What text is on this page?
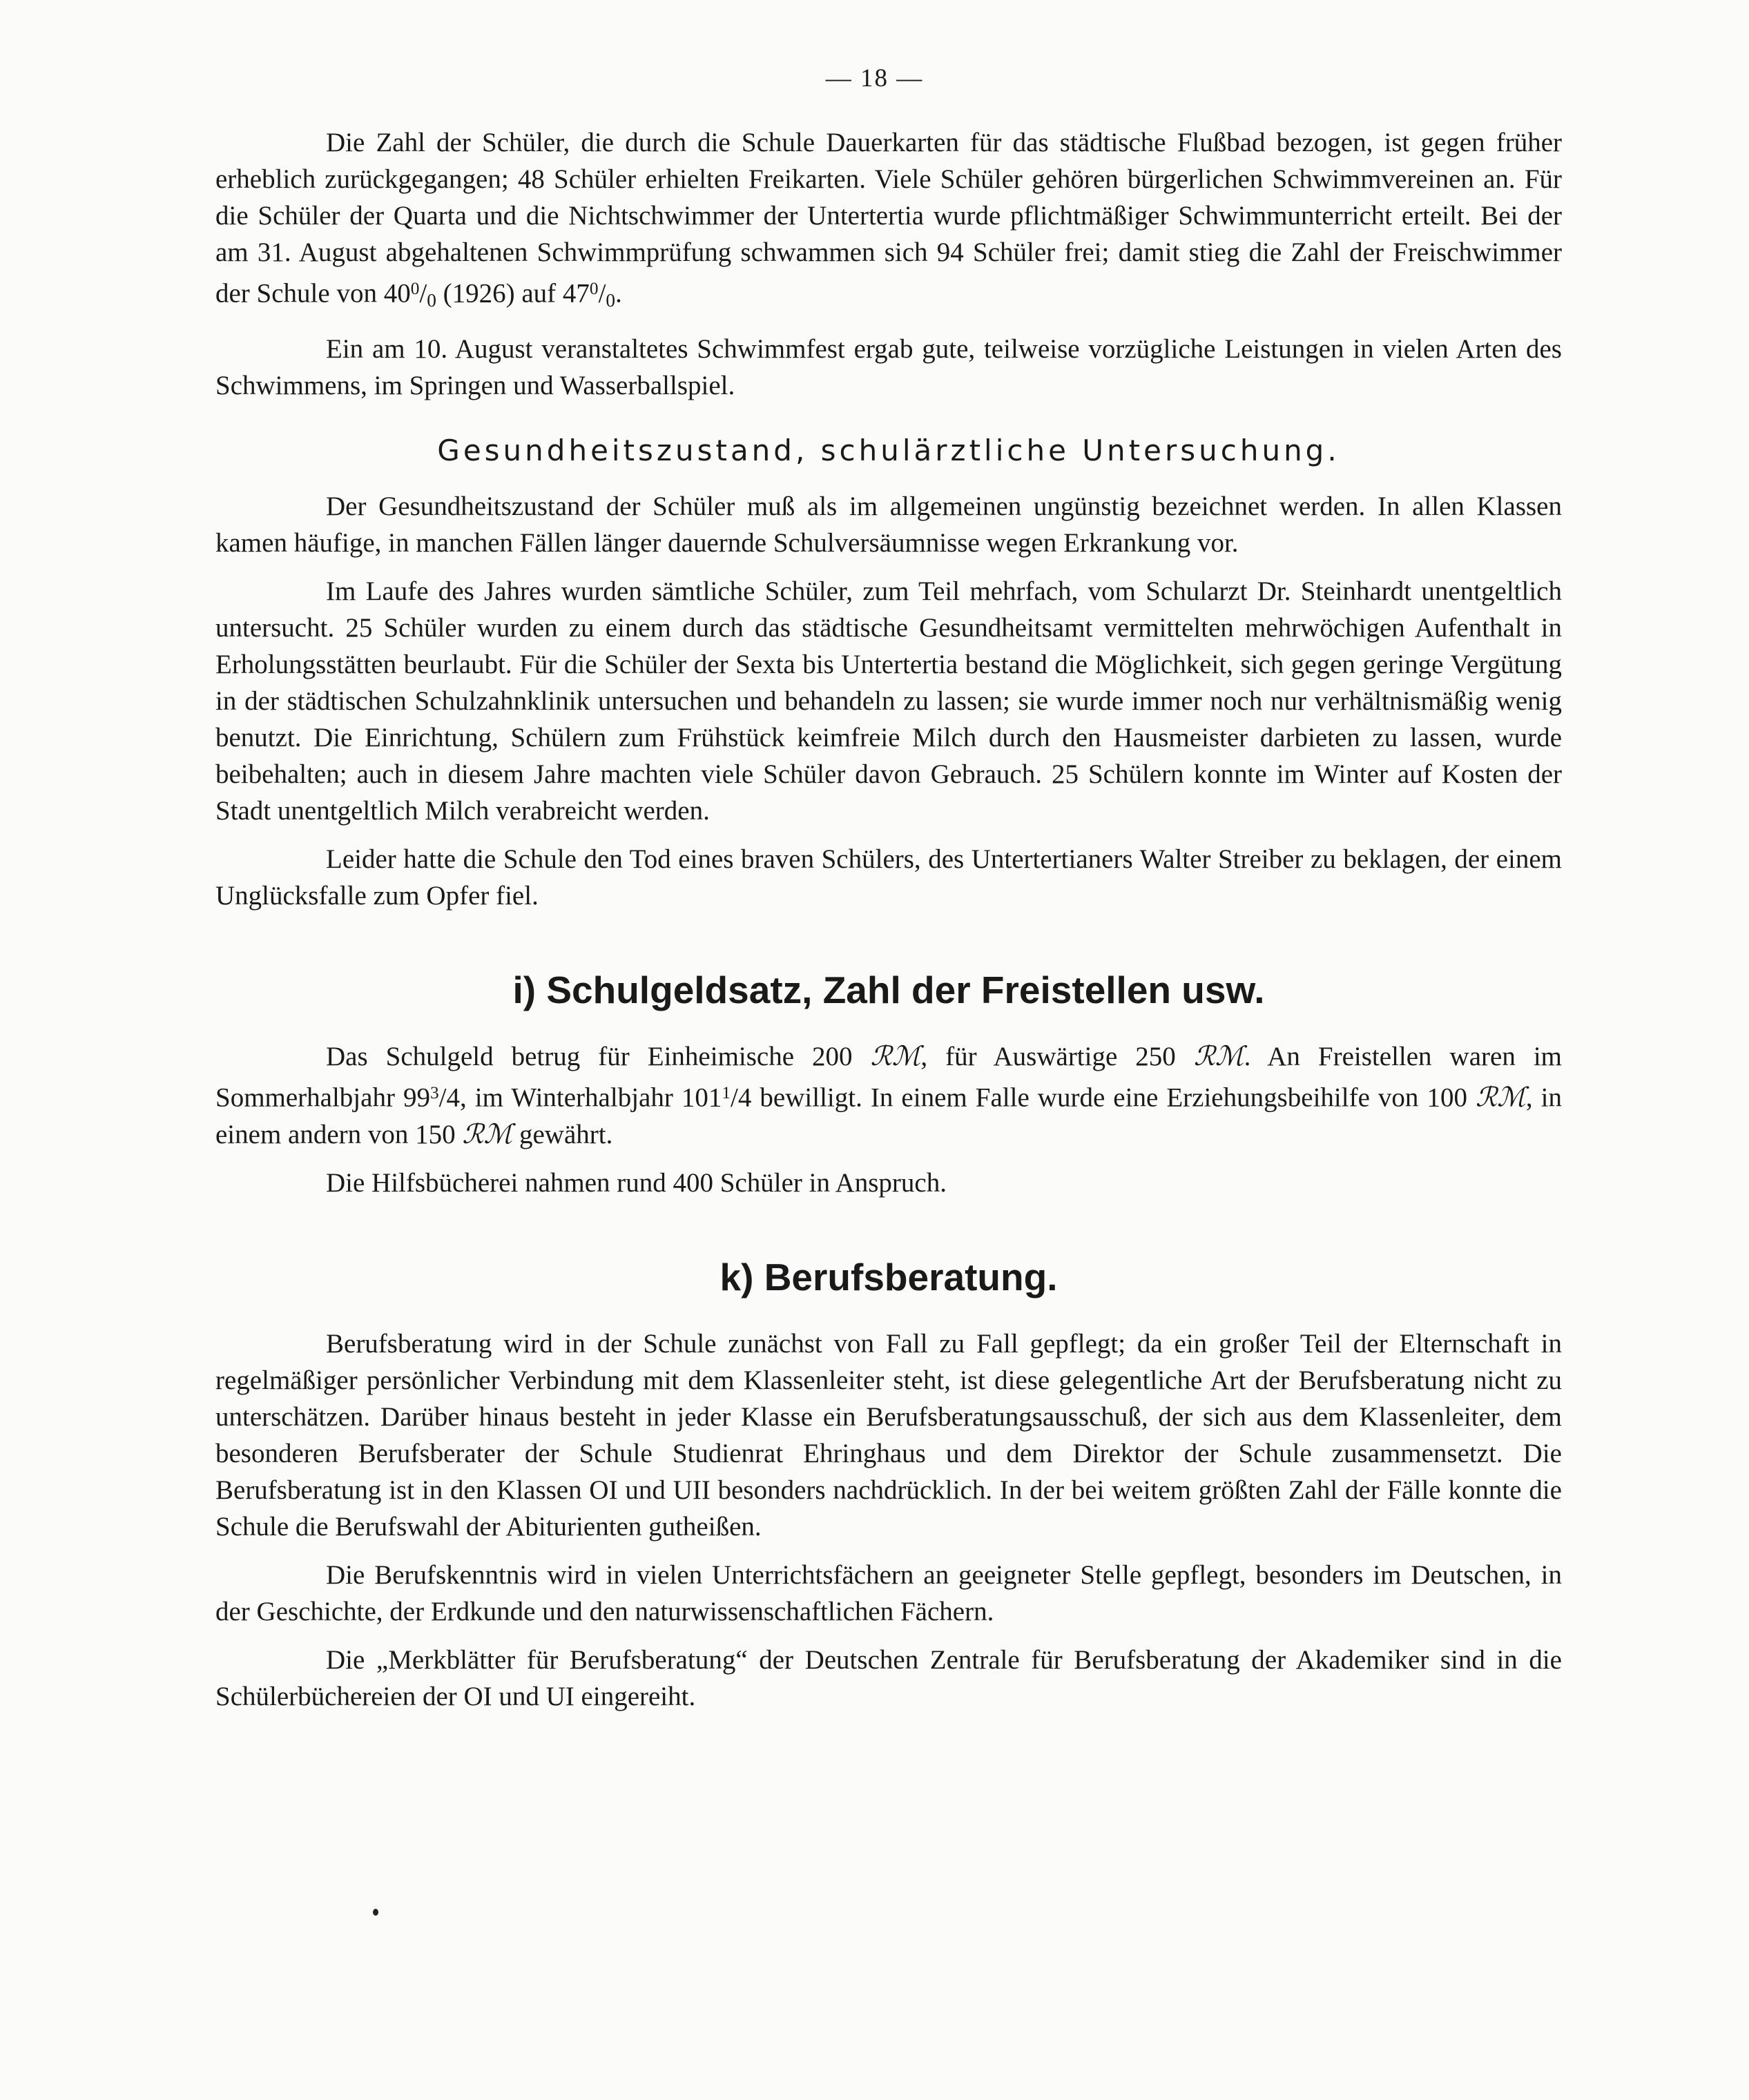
— 18 —

Die Zahl der Schüler, die durch die Schule Dauerkarten für das städtische Flußbad bezogen, ist gegen früher erheblich zurückgegangen; 48 Schüler erhielten Freikarten. Viele Schüler gehören bürgerlichen Schwimmvereinen an. Für die Schüler der Quarta und die Nichtschwimmer der Untertertia wurde pflichtmäßiger Schwimmunterricht erteilt. Bei der am 31. August abgehaltenen Schwimmprüfung schwammen sich 94 Schüler frei; damit stieg die Zahl der Freischwimmer der Schule von $40^0/_0$ (1926) auf $47^0/_0$.

Ein am 10. August veranstaltetes Schwimmfest ergab gute, teilweise vorzügliche Leistungen in vielen Arten des Schwimmens, im Springen und Wasserballspiel.

Gesundheitszustand, schulärztliche Untersuchung.

Der Gesundheitszustand der Schüler muß als im allgemeinen ungünstig bezeichnet werden. In allen Klassen kamen häufige, in manchen Fällen länger dauernde Schulversäumnisse wegen Erkrankung vor.

Im Laufe des Jahres wurden sämtliche Schüler, zum Teil mehrfach, vom Schularzt Dr. Steinhardt unentgeltlich untersucht. 25 Schüler wurden zu einem durch das städtische Gesundheitsamt vermittelten mehrwöchigen Aufenthalt in Erholungsstätten beurlaubt. Für die Schüler der Sexta bis Untertertia bestand die Möglichkeit, sich gegen geringe Vergütung in der städtischen Schulzahnklinik untersuchen und behandeln zu lassen; sie wurde immer noch nur verhältnismäßig wenig benutzt. Die Einrichtung, Schülern zum Frühstück keimfreie Milch durch den Hausmeister darbieten zu lassen, wurde beibehalten; auch in diesem Jahre machten viele Schüler davon Gebrauch. 25 Schülern konnte im Winter auf Kosten der Stadt unentgeltlich Milch verabreicht werden.

Leider hatte die Schule den Tod eines braven Schülers, des Untertertianers Walter Streiber zu beklagen, der einem Unglücksfalle zum Opfer fiel.

i) Schulgeldsatz, Zahl der Freistellen usw.

Das Schulgeld betrug für Einheimische 200 ℛℳ, für Auswärtige 250 ℛℳ. An Freistellen waren im Sommerhalbjahr $99^3/4$, im Winterhalbjahr $101^1/4$ bewilligt. In einem Falle wurde eine Erziehungsbeihilfe von 100 ℛℳ, in einem andern von 150 ℛℳ gewährt.

Die Hilfsbücherei nahmen rund 400 Schüler in Anspruch.

k) Berufsberatung.

Berufsberatung wird in der Schule zunächst von Fall zu Fall gepflegt; da ein großer Teil der Elternschaft in regelmäßiger persönlicher Verbindung mit dem Klassenleiter steht, ist diese gelegentliche Art der Berufsberatung nicht zu unterschätzen. Darüber hinaus besteht in jeder Klasse ein Berufsberatungsausschuß, der sich aus dem Klassenleiter, dem besonderen Berufsberater der Schule Studienrat Ehringhaus und dem Direktor der Schule zusammensetzt. Die Berufsberatung ist in den Klassen OI und UII besonders nachdrücklich. In der bei weitem größten Zahl der Fälle konnte die Schule die Berufswahl der Abiturienten gutheißen.

Die Berufskenntnis wird in vielen Unterrichtsfächern an geeigneter Stelle gepflegt, besonders im Deutschen, in der Geschichte, der Erdkunde und den naturwissenschaftlichen Fächern.

Die „Merkblätter für Berufsberatung“ der Deutschen Zentrale für Berufsberatung der Akademiker sind in die Schülerbüchereien der OI und UI eingereiht.
